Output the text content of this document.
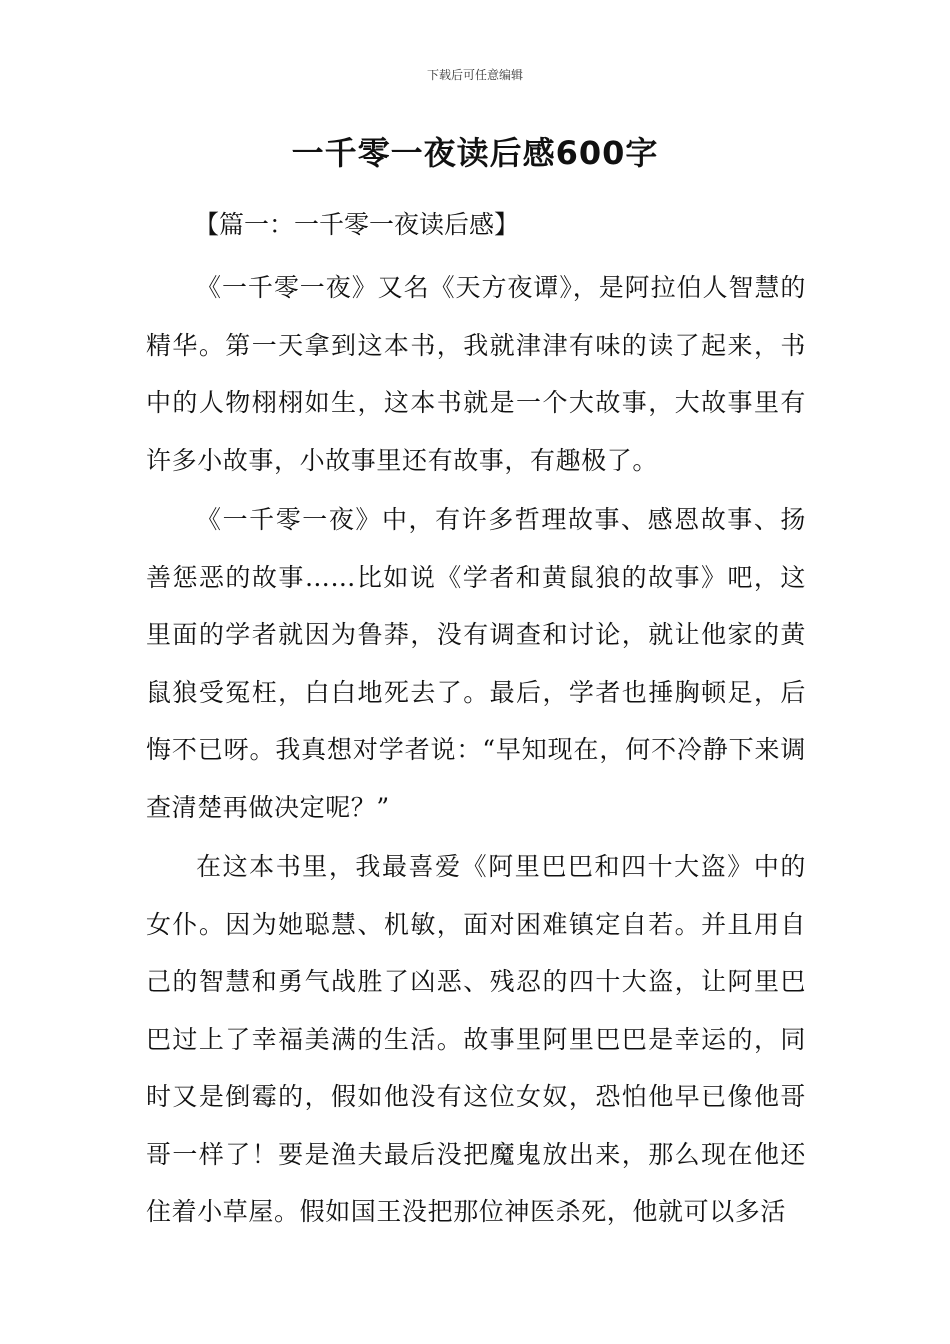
下载后可任意编辑
一千零一夜读后感600字

【篇一：一千零一夜读后感】

《一千零一夜》又名《天方夜谭》，是阿拉伯人智慧的精华。第一天拿到这本书，我就津津有味的读了起来，书中的人物栩栩如生，这本书就是一个大故事，大故事里有许多小故事，小故事里还有故事，有趣极了。

《一千零一夜》中，有许多哲理故事、感恩故事、扬善惩恶的故事……比如说《学者和黄鼠狼的故事》吧，这里面的学者就因为鲁莽，没有调查和讨论，就让他家的黄鼠狼受冤枉，白白地死去了。最后，学者也捶胸顿足，后悔不已呀。我真想对学者说：“早知现在，何不冷静下来调查清楚再做决定呢？”

在这本书里，我最喜爱《阿里巴巴和四十大盗》中的女仆。因为她聪慧、机敏，面对困难镇定自若。并且用自己的智慧和勇气战胜了凶恶、残忍的四十大盗，让阿里巴巴过上了幸福美满的生活。故事里阿里巴巴是幸运的，同时又是倒霉的，假如他没有这位女奴，恐怕他早已像他哥哥一样了！要是渔夫最后没把魔鬼放出来，那么现在他还住着小草屋。假如国王没把那位神医杀死，他就可以多活
